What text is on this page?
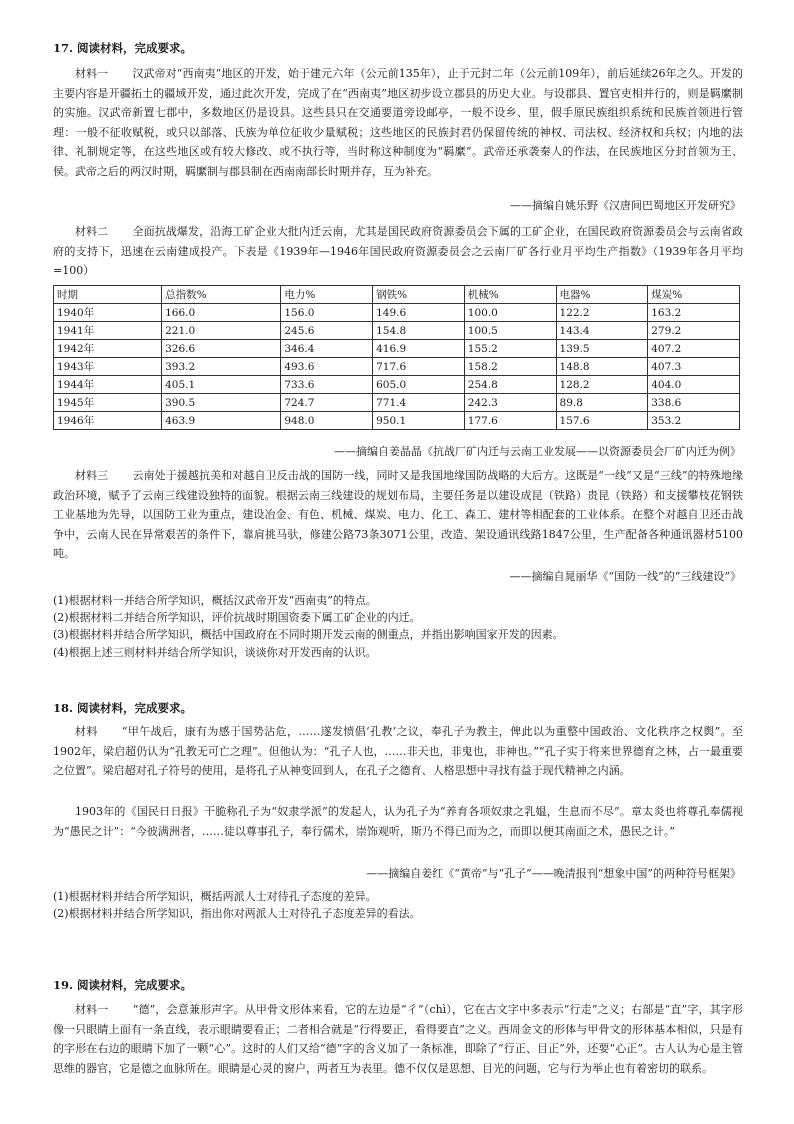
17. 阅读材料，完成要求。

材料一 汉武帝对“西南夷”地区的开发，始于建元六年（公元前135年），止于元封二年（公元前109年），前后延续26年之久。开发的主要内容是开疆拓土的疆域开发，通过此次开发，完成了在“西南夷”地区初步设立郡县的历史大业。与设郡县、置官吏相并行的，则是羁縻制的实施。汉武帝新置七郡中，多数地区仍是设县。这些县只在交通要道旁设邮亭，一般不设乡、里，假手原民族组织系统和民族首领进行管理：一般不征收赋税，或只以部落、氏族为单位征收少量赋税；这些地区的民族封君仍保留传统的神权、司法权、经济权和兵权；内地的法律、礼制规定等，在这些地区或有较大修改、或不执行等，当时称这种制度为“羁縻”。武帝还承袭秦人的作法，在民族地区分封首领为王、侯。武帝之后的两汉时期，羁縻制与郡县制在西南南部长时期并存，互为补充。

——摘编自姚乐野《汉唐间巴蜀地区开发研究》

材料二 全面抗战爆发，沿海工矿企业大批内迁云南，尤其是国民政府资源委员会下属的工矿企业，在国民政府资源委员会与云南省政府的支持下，迅速在云南建成投产。下表是《1939年—1946年国民政府资源委员会之云南厂矿各行业月平均生产指数》（1939年各月平均=100）

时期	总指数%	电力%	钢铁%	机械%	电器%	煤炭%
1940年	166.0	156.0	149.6	100.0	122.2	163.2
1941年	221.0	245.6	154.8	100.5	143.4	279.2
1942年	326.6	346.4	416.9	155.2	139.5	407.2
1943年	393.2	493.6	717.6	158.2	148.8	407.3
1944年	405.1	733.6	605.0	254.8	128.2	404.0
1945年	390.5	724.7	771.4	242.3	89.8	338.6
1946年	463.9	948.0	950.1	177.6	157.6	353.2
——摘编自姜晶晶《抗战厂矿内迁与云南工业发展——以资源委员会厂矿内迁为例》

材料三 云南处于援越抗美和对越自卫反击战的国防一线，同时又是我国地缘国防战略的大后方。这既是“一线”又是“三线”的特殊地缘政治环境，赋予了云南三线建设独特的面貌。根据云南三线建设的规划布局，主要任务是以建设成昆（铁路）贵昆（铁路）和支援攀枝花钢铁工业基地为先导，以国防工业为重点，建设冶金、有色、机械、煤炭、电力、化工、森工、建材等相配套的工业体系。在整个对越自卫还击战争中，云南人民在异常艰苦的条件下，靠肩挑马驮，修建公路73条3071公里，改造、架设通讯线路1847公里，生产配备各种通讯器材5100吨。

——摘编自晁丽华《“国防一线”的“三线建设”》
(1)根据材料一并结合所学知识，概括汉武帝开发“西南夷”的特点。
(2)根据材料二并结合所学知识，评价抗战时期国资委下属工矿企业的内迁。
(3)根据材料并结合所学知识，概括中国政府在不同时期开发云南的侧重点，并指出影响国家开发的因素。
(4)根据上述三则材料并结合所学知识，谈谈你对开发西南的认识。
18. 阅读材料，完成要求。

材料 “甲午战后，康有为感于国势沾危，……遂发愤倡‘孔教’之议，奉孔子为教主，俾此以为重整中国政治、文化秩序之权舆”。至1902年，梁启超仍认为“孔教无可亡之理”。但他认为：“孔子人也，……非天也，非鬼也，非神也。”“孔子实于将来世界德育之林，占一最重要之位置”。梁启超对孔子符号的使用，是将孔子从神变回到人，在孔子之德育、人格思想中寻找有益于现代精神之内涵。

1903年的《国民日日报》干脆称孔子为“奴隶学派”的发起人，认为孔子为“养育各项奴隶之乳媪，生息而不尽”。章太炎也将尊孔奉儒视为“愚民之计”：“今彼满洲者，……徒以尊事孔子，奉行儒术，崇饰观听，斯乃不得已而为之，而即以便其南面之术，愚民之计。”

——摘编自姜红《“黄帝”与“孔子”——晚清报刊“想象中国”的两种符号框架》
(1)根据材料并结合所学知识，概括两派人士对待孔子态度的差异。
(2)根据材料并结合所学知识，指出你对两派人士对待孔子态度差异的看法。
19. 阅读材料，完成要求。

材料一 “德”，会意兼形声字。从甲骨文形体来看，它的左边是“彳”（chì），它在古文字中多表示“行走”之义；右部是“直”字，其字形像一只眼睛上面有一条直线，表示眼睛要看正；二者相合就是“行得要正，看得要直”之义。西周金文的形体与甲骨文的形体基本相似，只是有的字形在右边的眼睛下加了一颗“心”。这时的人们又给“德”字的含义加了一条标准，即除了“行正、目正”外，还要“心正”。古人认为心是主管思维的器官，它是德之血脉所在。眼睛是心灵的窗户，两者互为表里。德不仅仅是思想、目光的问题，它与行为举止也有着密切的联系。
